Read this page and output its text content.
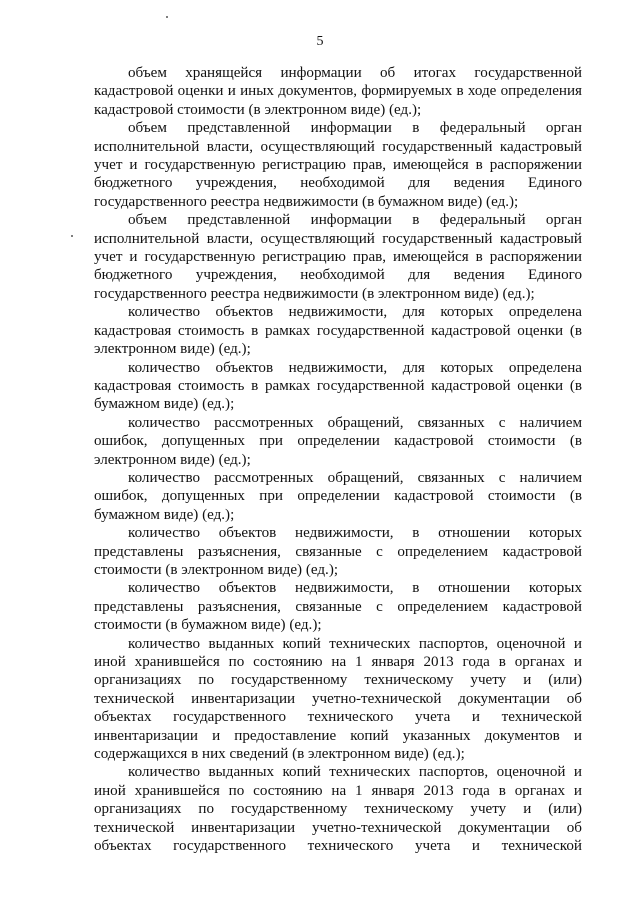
5

объем хранящейся информации об итогах государственной кадастровой оценки и иных документов, формируемых в ходе определения кадастровой стоимости (в электронном виде) (ед.);

объем представленной информации в федеральный орган исполнительной власти, осуществляющий государственный кадастровый учет и государственную регистрацию прав, имеющейся в распоряжении бюджетного учреждения, необходимой для ведения Единого государственного реестра недвижимости (в бумажном виде) (ед.);

объем представленной информации в федеральный орган исполнительной власти, осуществляющий государственный кадастровый учет и государственную регистрацию прав, имеющейся в распоряжении бюджетного учреждения, необходимой для ведения Единого государственного реестра недвижимости (в электронном виде) (ед.);

количество объектов недвижимости, для которых определена кадастровая стоимость в рамках государственной кадастровой оценки (в электронном виде) (ед.);

количество объектов недвижимости, для которых определена кадастровая стоимость в рамках государственной кадастровой оценки (в бумажном виде) (ед.);

количество рассмотренных обращений, связанных с наличием ошибок, допущенных при определении кадастровой стоимости (в электронном виде) (ед.);

количество рассмотренных обращений, связанных с наличием ошибок, допущенных при определении кадастровой стоимости (в бумажном виде) (ед.);

количество объектов недвижимости, в отношении которых представлены разъяснения, связанные с определением кадастровой стоимости (в электронном виде) (ед.);

количество объектов недвижимости, в отношении которых представлены разъяснения, связанные с определением кадастровой стоимости (в бумажном виде) (ед.);

количество выданных копий технических паспортов, оценочной и иной хранившейся по состоянию на 1 января 2013 года в органах и организациях по государственному техническому учету и (или) технической инвентаризации учетно-технической документации об объектах государственного технического учета и технической инвентаризации и предоставление копий указанных документов и содержащихся в них сведений (в электронном виде) (ед.);

количество выданных копий технических паспортов, оценочной и иной хранившейся по состоянию на 1 января 2013 года в органах и организациях по государственному техническому учету и (или) технической инвентаризации учетно-технической документации об объектах государственного технического учета и технической
